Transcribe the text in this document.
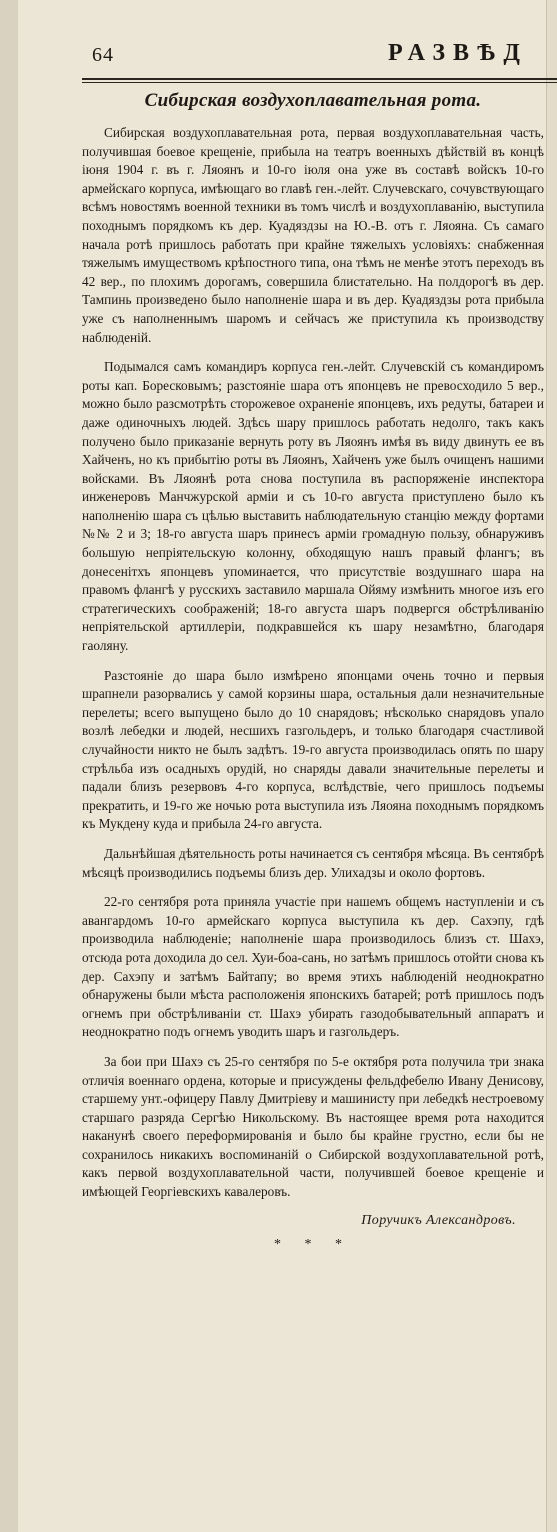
64	РАЗВѢД
Сибирская воздухоплавательная рота.

Сибирская воздухоплавательная рота, первая воздухоплавательная часть, получившая боевое крещеніе, прибыла на театръ военныхъ дѣйствій въ концѣ іюня 1904 г. въ г. Ляоянъ и 10-го іюля она уже въ составѣ войскъ 10-го армейскаго корпуса, имѣющаго во главѣ ген.-лейт. Случевскаго, сочувствующаго всѣмъ новостямъ военной техники въ томъ числѣ и воздухоплаванію, выступила походнымъ порядкомъ къ дер. Куадяздзы на Ю.-В. отъ г. Ляояна. Съ самаго начала ротѣ пришлось работать при крайне тяжелыхъ условіяхъ: снабженная тяжелымъ имуществомъ крѣпостного типа, она тѣмъ не менѣе этотъ переходъ въ 42 вер., по плохимъ дорогамъ, совершила блистательно. На полдорогѣ въ дер. Тампинь произведено было наполненіе шара и въ дер. Куадяздзы рота прибыла уже съ наполненнымъ шаромъ и сейчасъ же приступила къ производству наблюденій.

Подымался самъ командиръ корпуса ген.-лейт. Случевскій съ командиромъ роты кап. Боресковымъ; разстояніе шара отъ японцевъ не превосходило 5 вер., можно было разсмотрѣть сторожевое охраненіе японцевъ, ихъ редуты, батареи и даже одиночныхъ людей. Здѣсь шару пришлось работать недолго, такъ какъ получено было приказаніе вернуть роту въ Ляоянъ имѣя въ виду двинуть ее въ Хайченъ, но къ прибытію роты въ Ляоянъ, Хайченъ уже былъ очищенъ нашими войсками. Въ Ляоянѣ рота снова поступила въ распоряженіе инспектора инженеровъ Манчжурской арміи и съ 10-го августа приступлено было къ наполненію шара съ цѣлью выставить наблюдательную станцію между фортами №№ 2 и 3; 18-го августа шаръ принесъ арміи громадную пользу, обнаруживъ большую непріятельскую колонну, обходящую нашъ правый флангъ; въ донесенітхъ японцевъ упоминается, что присутствіе воздушнаго шара на правомъ флангѣ у русскихъ заставило маршала Ойяму измѣнить многое изъ его стратегическихъ соображеній; 18-го августа шаръ подвергся обстрѣливанію непріятельской артиллеріи, подкравшейся къ шару незамѣтно, благодаря гаоляну.

Разстояніе до шара было измѣрено японцами очень точно и первыя шрапнели разорвались у самой корзины шара, остальныя дали незначительные перелеты; всего выпущено было до 10 снарядовъ; нѣсколько снарядовъ упало возлѣ лебедки и людей, несшихъ газгольдеръ, и только благодаря счастливой случайности никто не былъ задѣтъ. 19-го августа производилась опять по шару стрѣльба изъ осадныхъ орудій, но снаряды давали значительные перелеты и падали близъ резервовъ 4-го корпуса, вслѣдствіе, чего пришлось подъемы прекратить, и 19-го же ночью рота выступила изъ Ляояна походнымъ порядкомъ къ Мукдену куда и прибыла 24-го августа.

Дальнѣйшая дѣятельность роты начинается съ сентября мѣсяца. Въ сентябрѣ мѣсяцѣ производились подъемы близъ дер. Улихадзы и около фортовъ.

22-го сентября рота приняла участіе при нашемъ общемъ наступленіи и съ авангардомъ 10-го армейскаго корпуса выступила къ дер. Сахэпу, гдѣ производила наблюденіе; наполненіе шара производилось близъ ст. Шахэ, отсюда рота доходила до сел. Хуи-боа-сань, но затѣмъ пришлось отойти снова къ дер. Сахэпу и затѣмъ Байтапу; во время этихъ наблюденій неоднократно обнаружены были мѣста расположенія японскихъ батарей; ротѣ пришлось подъ огнемъ при обстрѣливаніи ст. Шахэ убирать газодобывательный аппаратъ и неоднократно подъ огнемъ уводить шаръ и газгольдеръ.

За бои при Шахэ съ 25-го сентября по 5-е октября рота получила три знака отличія военнаго ордена, которые и присуждены фельдфебелю Ивану Денисову, старшему унт.-офицеру Павлу Дмитріеву и машинисту при лебедкѣ нестроевому старшаго разряда Сергѣю Никольскому. Въ настоящее время рота находится наканунѣ своего переформированія и было бы крайне грустно, если бы не сохранилось никакихъ воспоминаній о Сибирской воздухоплавательной ротѣ, какъ первой воздухоплавательной части, получившей боевое крещеніе и имѣющей Георгіевскихъ кавалеровъ.

Поручикъ Александровъ.
* * *
